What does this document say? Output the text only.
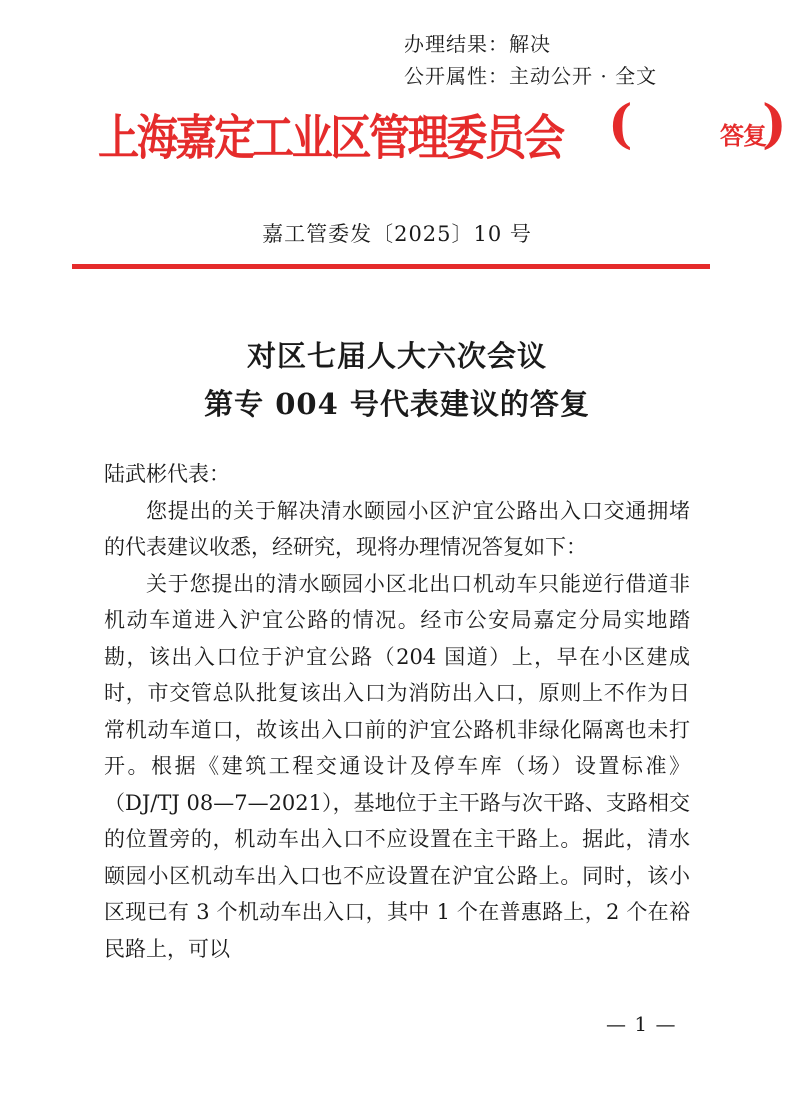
办理结果：解决
公开属性：主动公开 · 全文
上海嘉定工业区管理委员会 (	答复
)
嘉工管委发〔2025〕10 号
对区七届人大六次会议
第专 004 号代表建议的答复
陆武彬代表：

您提出的关于解决清水颐园小区沪宜公路出入口交通拥堵的代表建议收悉，经研究，现将办理情况答复如下：

关于您提出的清水颐园小区北出口机动车只能逆行借道非机动车道进入沪宜公路的情况。经市公安局嘉定分局实地踏勘，该出入口位于沪宜公路（204 国道）上，早在小区建成时，市交管总队批复该出入口为消防出入口，原则上不作为日常机动车道口，故该出入口前的沪宜公路机非绿化隔离也未打开。根据《建筑工程交通设计及停车库（场）设置标准》（DJ/TJ 08—7—2021），基地位于主干路与次干路、支路相交的位置旁的，机动车出入口不应设置在主干路上。据此，清水颐园小区机动车出入口也不应设置在沪宜公路上。同时，该小区现已有 3 个机动车出入口，其中 1 个在普惠路上，2 个在裕民路上，可以

— 1 —
